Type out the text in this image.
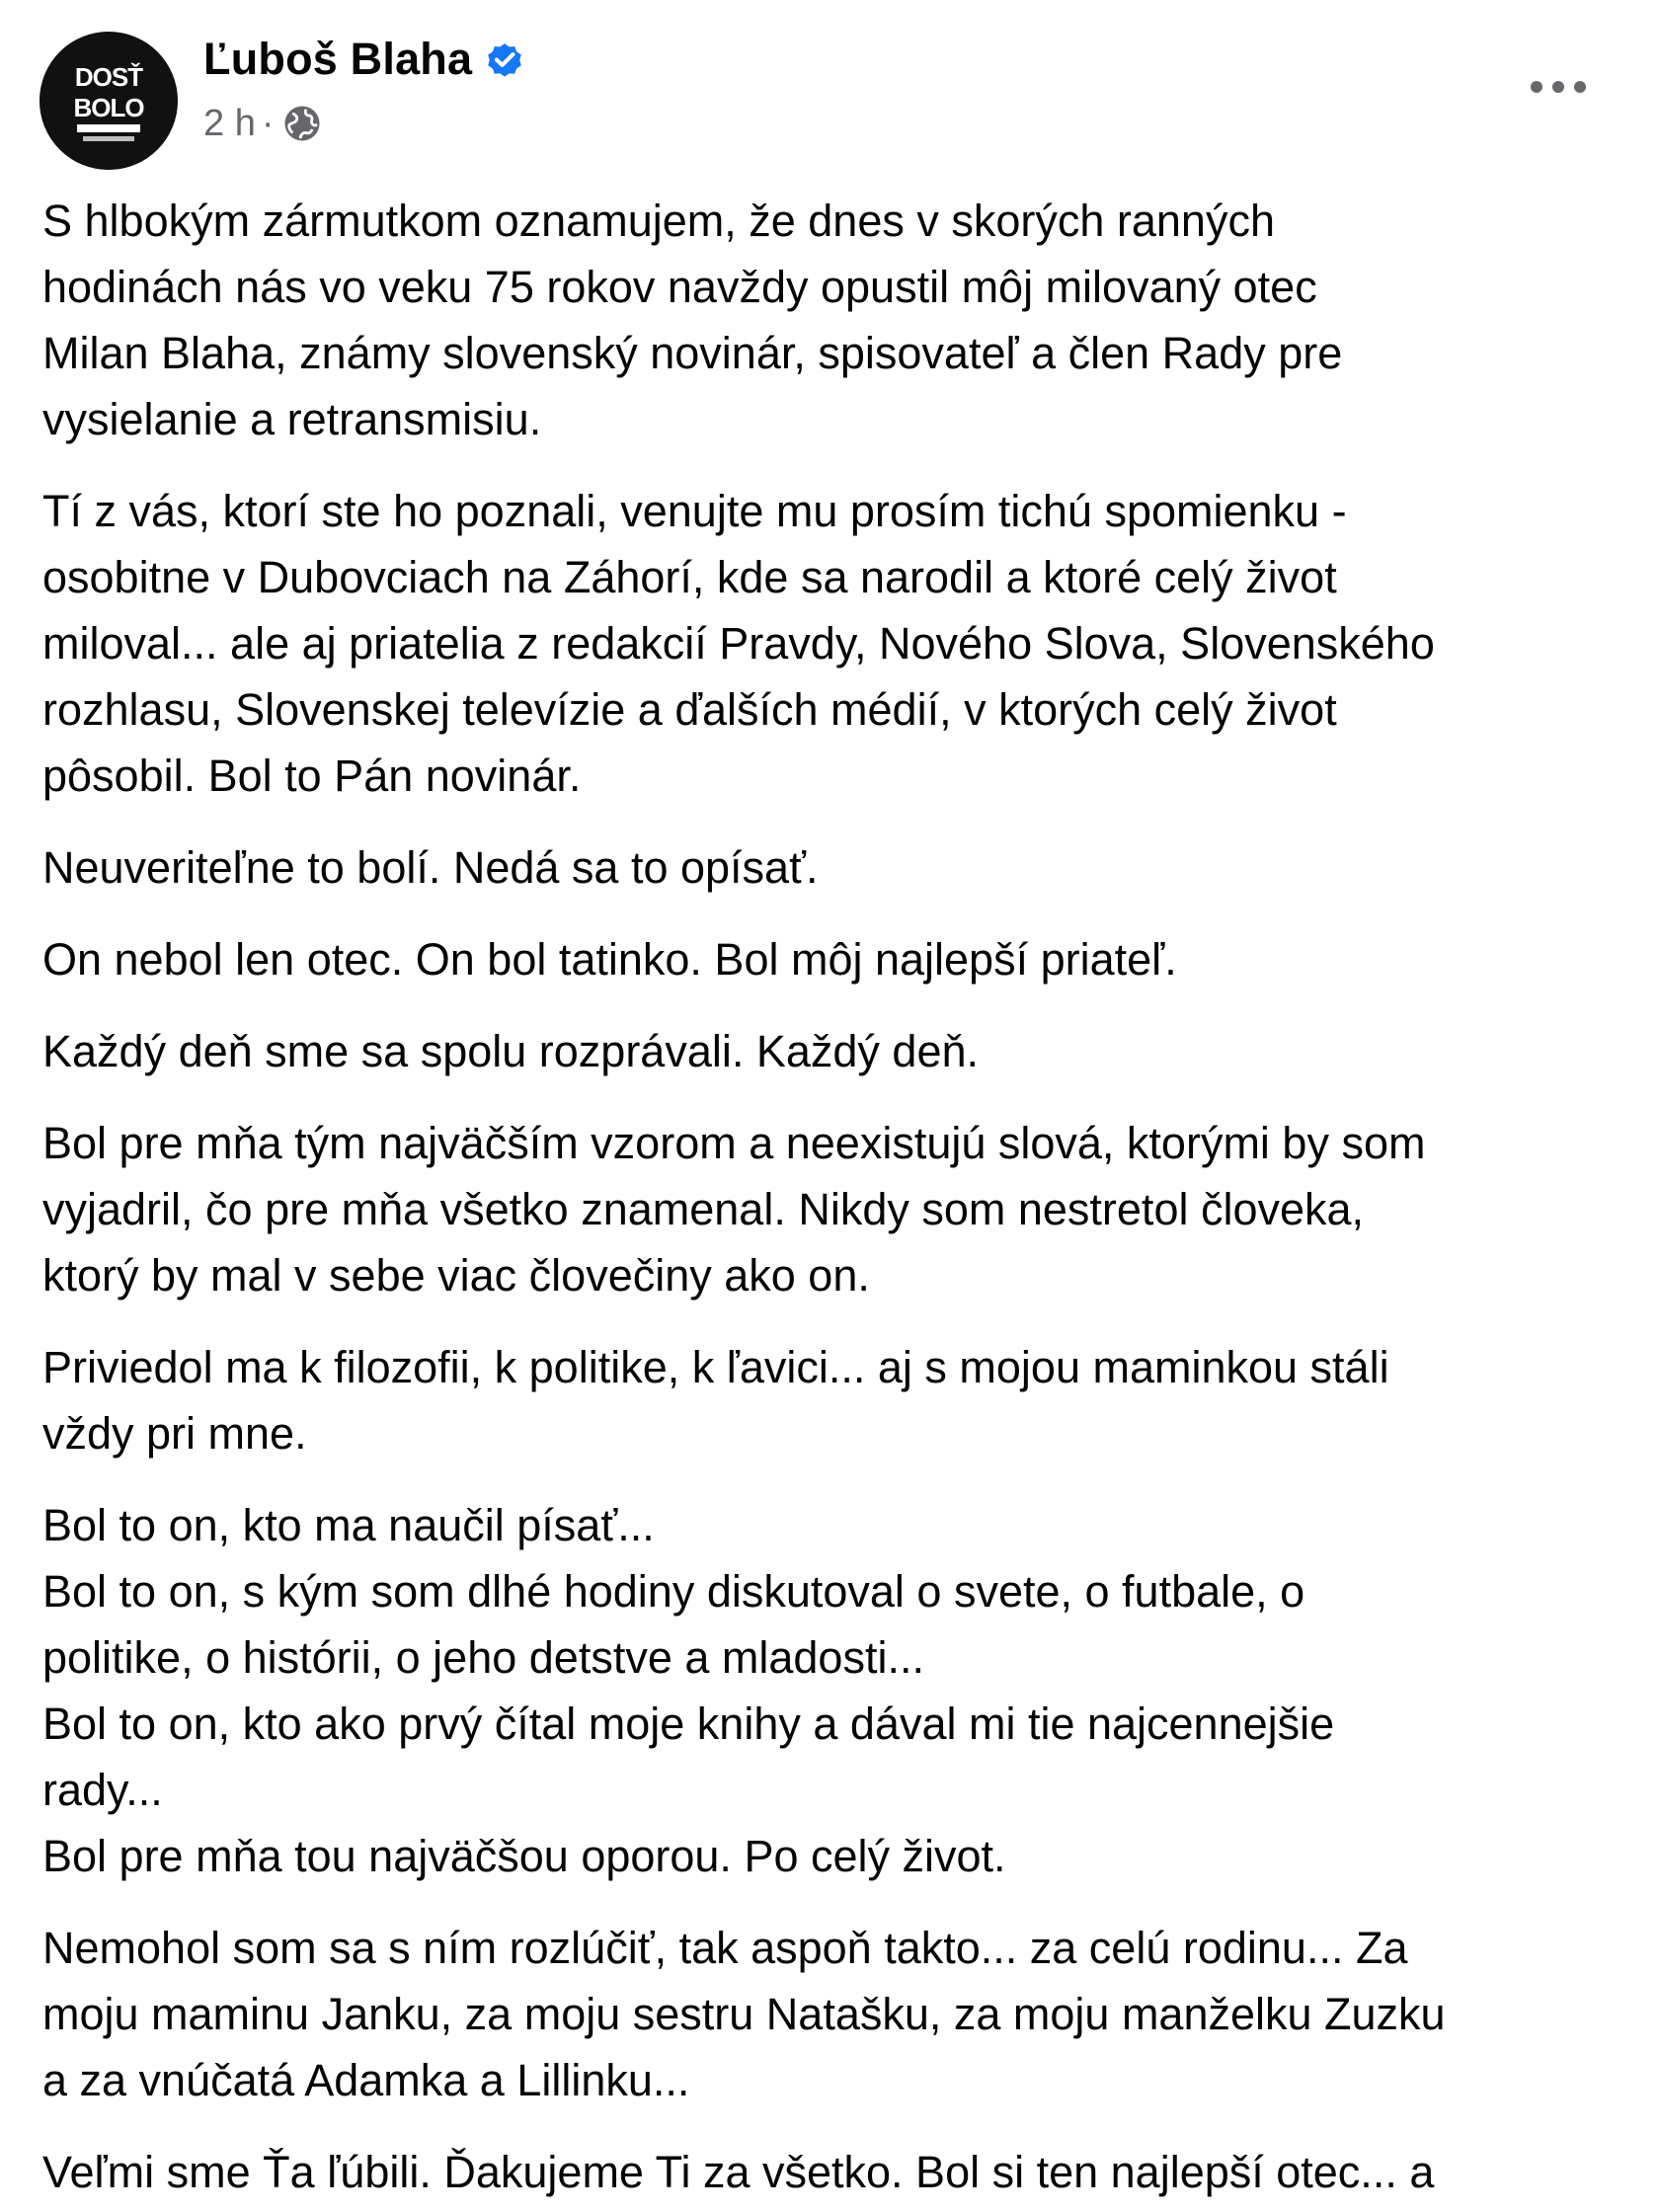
DOSŤ
BOLO
Ľuboš Blaha
2 h ·
S hlbokým zármutkom oznamujem, že dnes v skorých ranných
hodinách nás vo veku 75 rokov navždy opustil môj milovaný otec
Milan Blaha, známy slovenský novinár, spisovateľ a člen Rady pre
vysielanie a retransmisiu.
Tí z vás, ktorí ste ho poznali, venujte mu prosím tichú spomienku -
osobitne v Dubovciach na Záhorí, kde sa narodil a ktoré celý život
miloval... ale aj priatelia z redakcií Pravdy, Nového Slova, Slovenského
rozhlasu, Slovenskej televízie a ďalších médií, v ktorých celý život
pôsobil. Bol to Pán novinár.
Neuveriteľne to bolí. Nedá sa to opísať.
On nebol len otec. On bol tatinko. Bol môj najlepší priateľ.
Každý deň sme sa spolu rozprávali. Každý deň.
Bol pre mňa tým najväčším vzorom a neexistujú slová, ktorými by som
vyjadril, čo pre mňa všetko znamenal. Nikdy som nestretol človeka,
ktorý by mal v sebe viac človečiny ako on.
Priviedol ma k filozofii, k politike, k ľavici... aj s mojou maminkou stáli
vždy pri mne.
Bol to on, kto ma naučil písať...
Bol to on, s kým som dlhé hodiny diskutoval o svete, o futbale, o
politike, o histórii, o jeho detstve a mladosti...
Bol to on, kto ako prvý čítal moje knihy a dával mi tie najcennejšie
rady...
Bol pre mňa tou najväčšou oporou. Po celý život.
Nemohol som sa s ním rozlúčiť, tak aspoň takto... za celú rodinu... Za
moju maminu Janku, za moju sestru Natašku, za moju manželku Zuzku
a za vnúčatá Adamka a Lillinku...
Veľmi sme Ťa ľúbili. Ďakujeme Ti za všetko. Bol si ten najlepší otec... a
